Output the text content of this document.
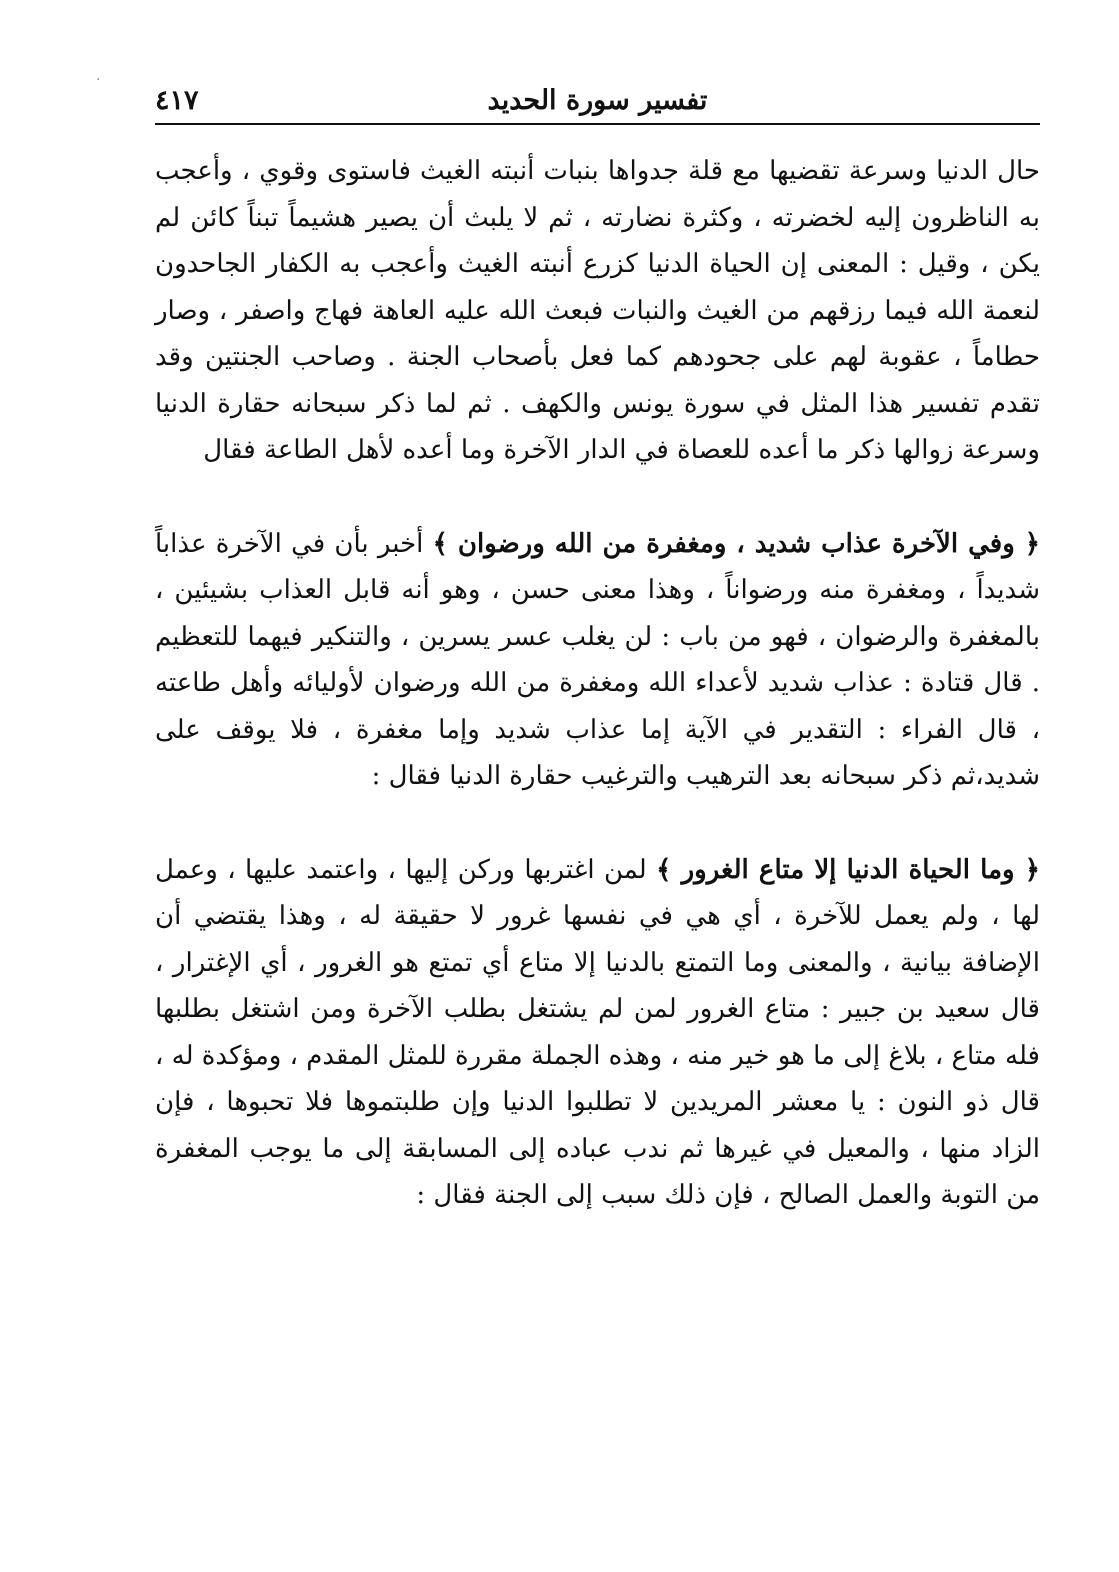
·
تفسير سورة الحديد
٤١٧

حال الدنيا وسرعة تقضيها مع قلة جدواها بنبات أنبته الغيث فاستوى وقوي ، وأعجب به الناظرون إليه لخضرته ، وكثرة نضارته ، ثم لا يلبث أن يصير هشيماً تبناً كائن لم يكن ، وقيل : المعنى إن الحياة الدنيا كزرع أنبته الغيث وأعجب به الكفار الجاحدون لنعمة الله فيما رزقهم من الغيث والنبات فبعث الله عليه العاهة فهاج واصفر ، وصار حطاماً ، عقوبة لهم على جحودهم كما فعل بأصحاب الجنة . وصاحب الجنتين وقد تقدم تفسير هذا المثل في سورة يونس والكهف . ثم لما ذكر سبحانه حقارة الدنيا وسرعة زوالها ذكر ما أعده للعصاة في الدار الآخرة وما أعده لأهل الطاعة فقال

﴿ وفي الآخرة عذاب شديد ، ومغفرة من الله ورضوان ﴾ أخبر بأن في الآخرة عذاباً شديداً ، ومغفرة منه ورضواناً ، وهذا معنى حسن ، وهو أنه قابل العذاب بشيئين ، بالمغفرة والرضوان ، فهو من باب : لن يغلب عسر يسرين ، والتنكير فيهما للتعظيم . قال قتادة : عذاب شديد لأعداء الله ومغفرة من الله ورضوان لأوليائه وأهل طاعته ، قال الفراء : التقدير في الآية إما عذاب شديد وإما مغفرة ، فلا يوقف على شديد،ثم ذكر سبحانه بعد الترهيب والترغيب حقارة الدنيا فقال :

﴿ وما الحياة الدنيا إلا متاع الغرور ﴾ لمن اغتربها وركن إليها ، واعتمد عليها ، وعمل لها ، ولم يعمل للآخرة ، أي هي في نفسها غرور لا حقيقة له ، وهذا يقتضي أن الإضافة بيانية ، والمعنى وما التمتع بالدنيا إلا متاع أي تمتع هو الغرور ، أي الإغترار ، قال سعيد بن جبير : متاع الغرور لمن لم يشتغل بطلب الآخرة ومن اشتغل بطلبها فله متاع ، بلاغ إلى ما هو خير منه ، وهذه الجملة مقررة للمثل المقدم ، ومؤكدة له ، قال ذو النون : يا معشر المريدين لا تطلبوا الدنيا وإن طلبتموها فلا تحبوها ، فإن الزاد منها ، والمعيل في غيرها ثم ندب عباده إلى المسابقة إلى ما يوجب المغفرة من التوبة والعمل الصالح ، فإن ذلك سبب إلى الجنة فقال :
